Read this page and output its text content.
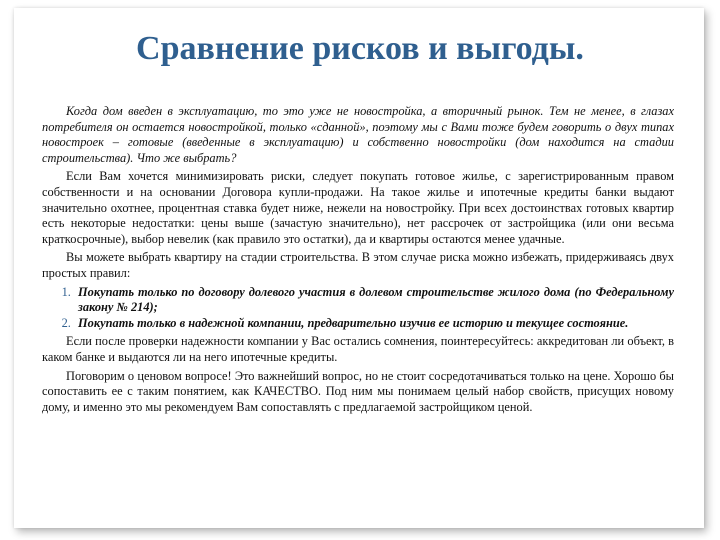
Сравнение рисков и выгоды.

Когда дом введен в эксплуатацию, то это уже не новостройка, а вторичный рынок. Тем не менее, в глазах потребителя он остается новостройкой, только «сданной», поэтому мы с Вами тоже будем говорить о двух типах новостроек – готовые (введенные в эксплуатацию) и собственно новостройки (дом находится на стадии строительства). Что же выбрать?

Если Вам хочется минимизировать риски, следует покупать готовое жилье, с зарегистрированным правом собственности и на основании Договора купли-продажи. На такое жилье и ипотечные кредиты банки выдают значительно охотнее, процентная ставка будет ниже, нежели на новостройку. При всех достоинствах готовых квартир есть некоторые недостатки: цены выше (зачастую значительно), нет рассрочек от застройщика (или они весьма краткосрочные), выбор невелик (как правило это остатки), да и квартиры остаются менее удачные.

Вы можете выбрать квартиру на стадии строительства. В этом случае риска можно избежать, придерживаясь двух простых правил:

1. Покупать только по договору долевого участия в долевом строительстве жилого дома (по Федеральному закону № 214);
2. Покупать только в надежной компании, предварительно изучив ее историю и текущее состояние.

Если после проверки надежности компании у Вас остались сомнения, поинтересуйтесь: аккредитован ли объект, в каком банке и выдаются ли на него ипотечные кредиты.

Поговорим о ценовом вопросе! Это важнейший вопрос, но не стоит сосредотачиваться только на цене. Хорошо бы сопоставить ее с таким понятием, как КАЧЕСТВО. Под ним мы понимаем целый набор свойств, присущих новому дому, и именно это мы рекомендуем Вам сопоставлять с предлагаемой застройщиком ценой.
